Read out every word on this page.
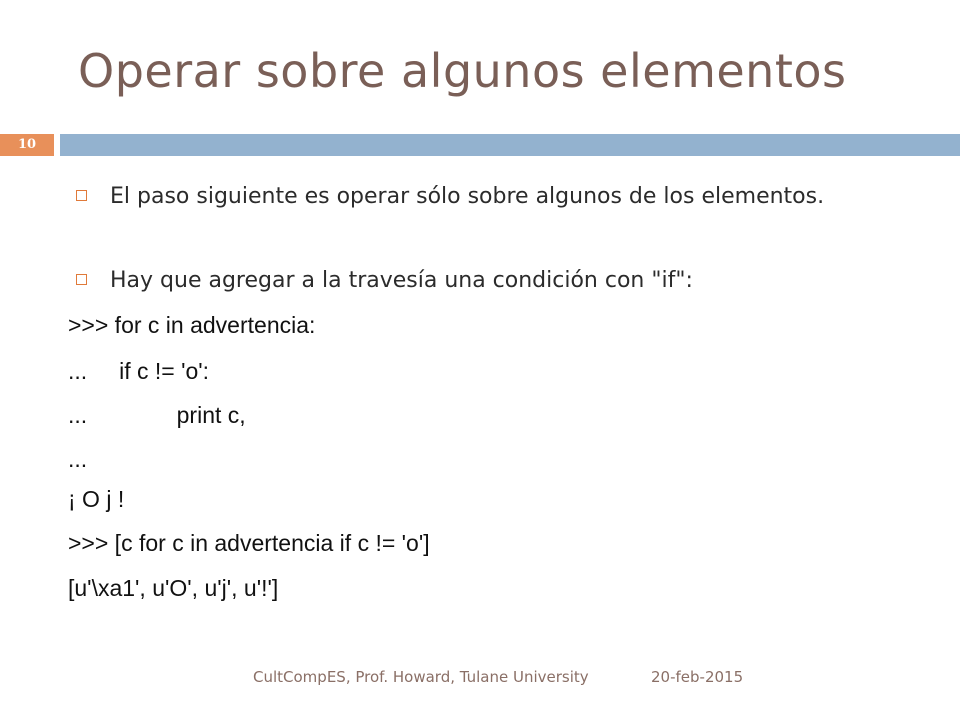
Operar sobre algunos elementos
10
El paso siguiente es operar sólo sobre algunos de los elementos.
Hay que agregar a la travesía una condición con "if":
>>> for c in advertencia:
...     if c != 'o':
...              print c,
...
¡ O j !
>>> [c for c in advertencia if c != 'o']
[u'\xa1', u'O', u'j', u'!']
CultCompES, Prof. Howard, Tulane University	20-feb-2015
